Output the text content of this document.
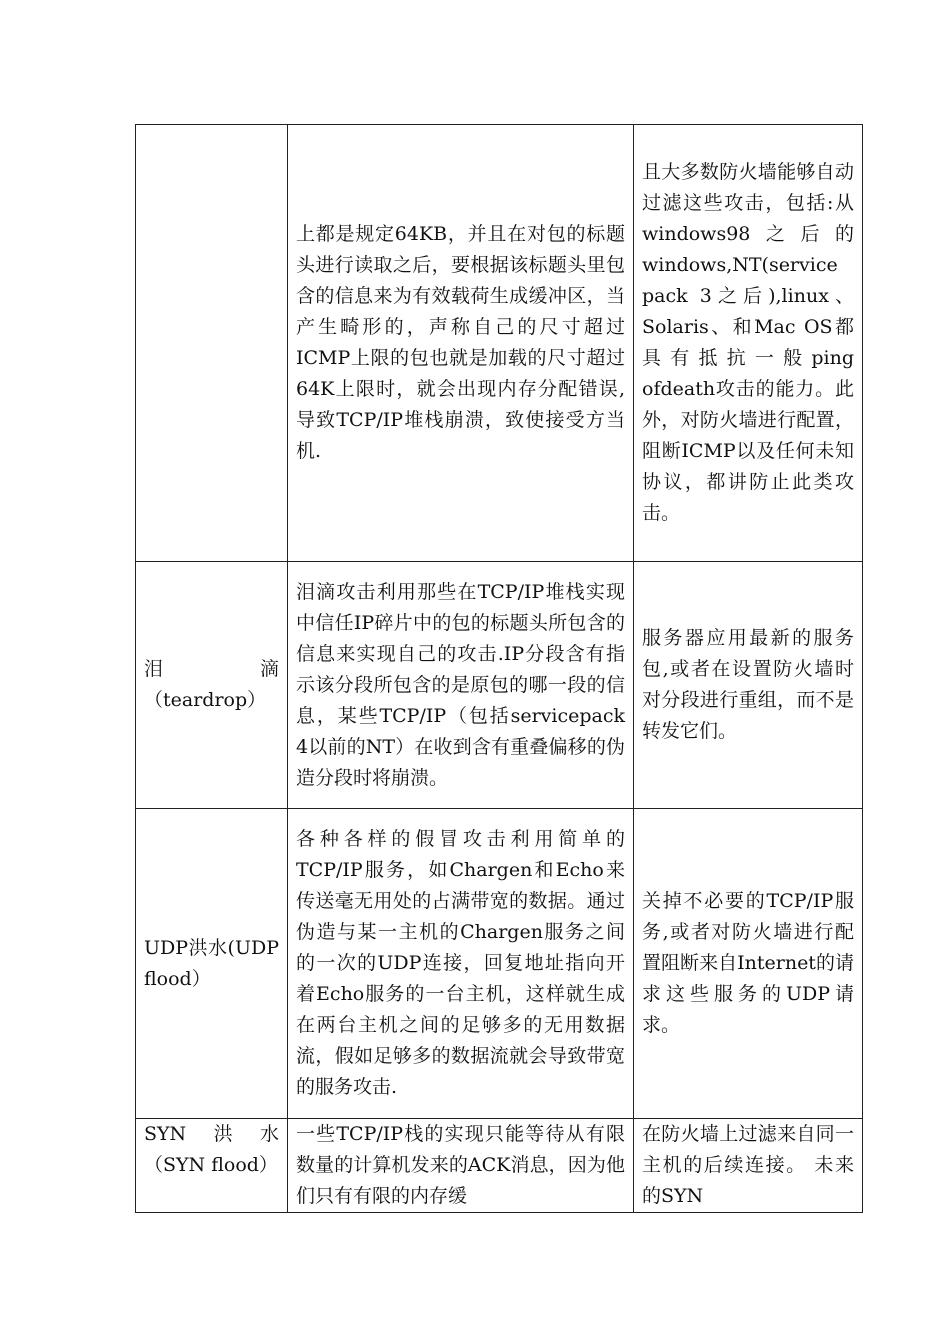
	上都是规定64KB，并且在对包的标题头进行读取之后，要根据该标题头里包含的信息来为有效载荷生成缓冲区，当产生畸形的，声称自己的尺寸超过ICMP上限的包也就是加载的尺寸超过64K上限时，就会出现内存分配错误,导致TCP/IP堆栈崩溃，致使接受方当机.	且大多数防火墙能够自动过滤这些攻击，包括:从windows98之后的windows,NT(service pack 3之后),linux、Solaris、和Mac OS都具有抵抗一般ping ofdeath攻击的能力。此外，对防火墙进行配置，阻断ICMP以及任何未知协议，都讲防止此类攻击。
泪滴（teardrop）	泪滴攻击利用那些在TCP/IP堆栈实现中信任IP碎片中的包的标题头所包含的信息来实现自己的攻击.IP分段含有指示该分段所包含的是原包的哪一段的信息，某些TCP/IP（包括servicepack 4以前的NT）在收到含有重叠偏移的伪造分段时将崩溃。	服务器应用最新的服务包,或者在设置防火墙时对分段进行重组，而不是转发它们。
UDP洪水(UDP flood）	各种各样的假冒攻击利用简单的TCP/IP服务，如Chargen和Echo来传送毫无用处的占满带宽的数据。通过伪造与某一主机的Chargen服务之间的一次的UDP连接，回复地址指向开着Echo服务的一台主机，这样就生成在两台主机之间的足够多的无用数据流，假如足够多的数据流就会导致带宽的服务攻击.	关掉不必要的TCP/IP服务,或者对防火墙进行配置阻断来自Internet的请求这些服务的UDP请求。
SYN洪水（SYN flood）	一些TCP/IP栈的实现只能等待从有限数量的计算机发来的ACK消息，因为他们只有有限的内存缓	在防火墙上过滤来自同一主机的后续连接。 未来的SYN
